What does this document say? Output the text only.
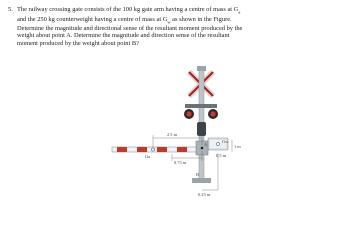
5. The railway crossing gate consists of the 100 kg gate arm having a centre of mass at $G_a$
and the 250 kg counterweight having a centre of mass at $G_w$ as shown in the Figure.
Determine the magnitude and directional sense of the resultant moment produced by the
weight about point A. Determine the magnitude and direction sense of the resultant
moment produced by the weight about point B?
2.5 m
0.75 m
0.5 m
1 m
0.25 m
Ga
Gw
A
B
